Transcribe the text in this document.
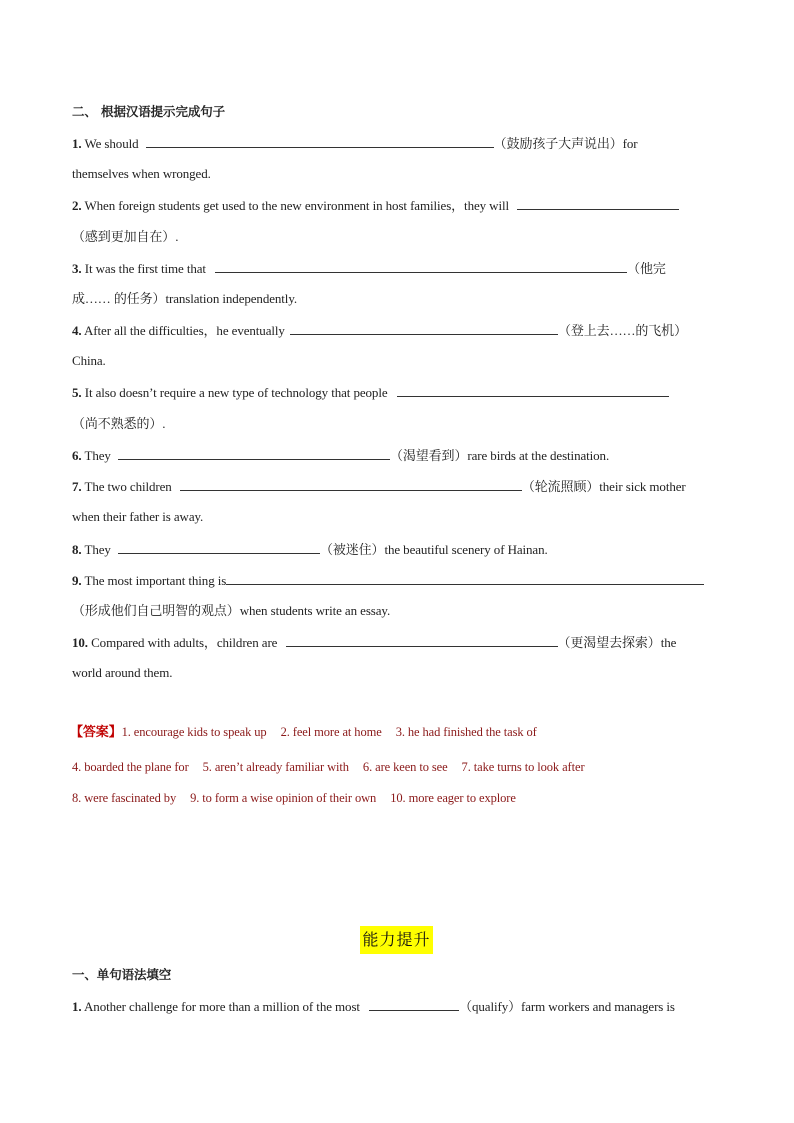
二、 根据汉语提示完成句子
1. We should	（鼓励孩子大声说出）for
themselves when wronged.
2. When foreign students get used to the new environment in host families，they will
（感到更加自在）.
3. It was the first time that	（他完
成…… 的任务）translation independently.
4. After all the difficulties，he eventually	（登上去……的飞机）
China.
5. It also doesn’t require a new type of technology that people
（尚不熟悉的）.
6. They	（渴望看到）rare birds at the destination.
7. The two children	（轮流照顾）their sick mother
when their father is away.
8. They	（被迷住）the beautiful scenery of Hainan.
9. The most important thing is
（形成他们自己明智的观点）when students write an essay.
10. Compared with adults，children are	（更渴望去探索）the
world around them.
【答案】1. encourage kids to speak up 2. feel more at home 3. he had finished the task of
4. boarded the plane for 5. aren’t already familiar with 6. are keen to see 7. take turns to look after
8. were fascinated by 9. to form a wise opinion of their own 10. more eager to explore
能力提升
一、单句语法填空
1. Another challenge for more than a million of the most	（qualify）farm workers and managers is
